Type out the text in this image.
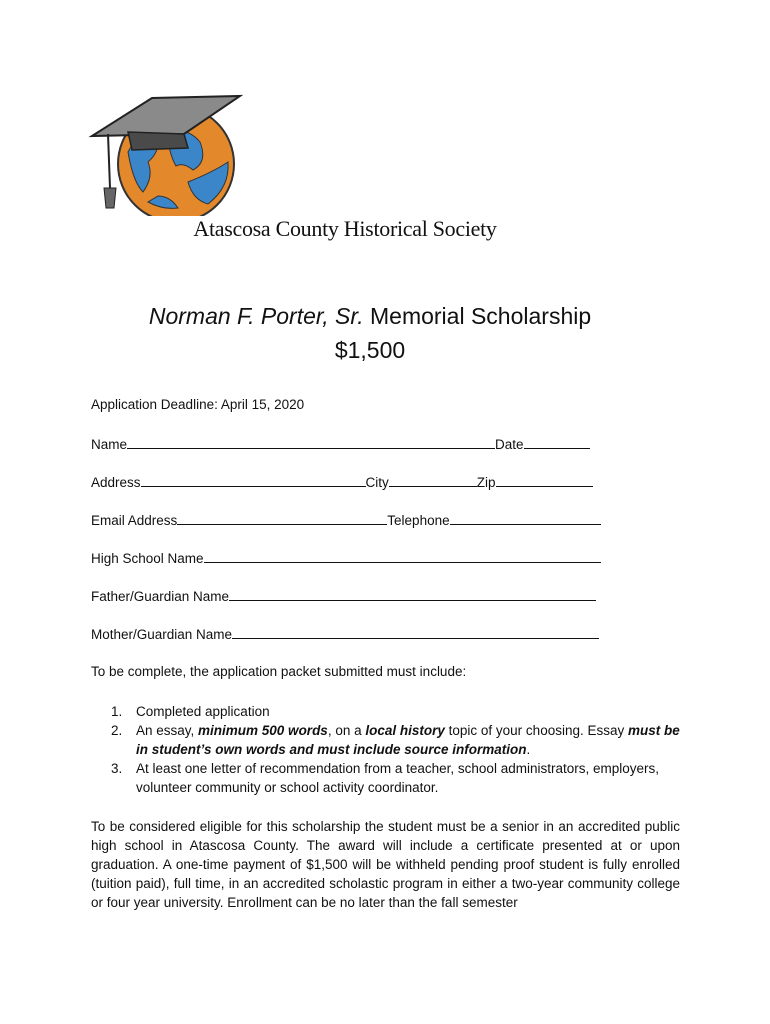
Atascosa County Historical Society
Norman F. Porter, Sr. Memorial Scholarship
$1,500
Application Deadline: April 15, 2020
Name	Date
Address	City	Zip
Email Address	Telephone
High School Name
Father/Guardian Name
Mother/Guardian Name
To be complete, the application packet submitted must include:
1. Completed application
2. An essay, minimum 500 words, on a local history topic of your choosing. Essay must be in student’s own words and must include source information.
3. At least one letter of recommendation from a teacher, school administrators, employers, volunteer community or school activity coordinator.
To be considered eligible for this scholarship the student must be a senior in an accredited public high school in Atascosa County. The award will include a certificate presented at or upon graduation. A one-time payment of $1,500 will be withheld pending proof student is fully enrolled (tuition paid), full time, in an accredited scholastic program in either a two-year community college or four year university. Enrollment can be no later than the fall semester
